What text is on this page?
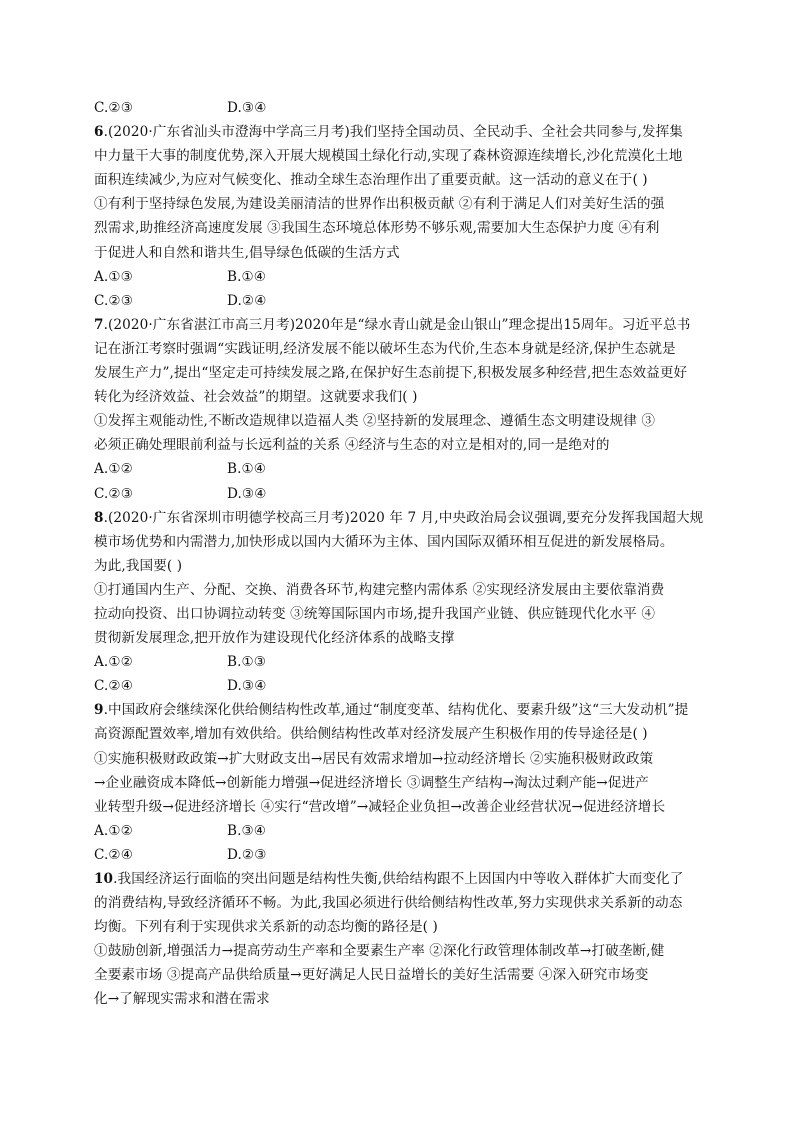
C.②③	D.③④
6.(2020·广东省汕头市澄海中学高三月考)我们坚持全国动员、全民动手、全社会共同参与,发挥集
中力量干大事的制度优势,深入开展大规模国土绿化行动,实现了森林资源连续增长,沙化荒漠化土地
面积连续减少,为应对气候变化、推动全球生态治理作出了重要贡献。这一活动的意义在于( )
①有利于坚持绿色发展,为建设美丽清洁的世界作出积极贡献 ②有利于满足人们对美好生活的强
烈需求,助推经济高速度发展 ③我国生态环境总体形势不够乐观,需要加大生态保护力度 ④有利
于促进人和自然和谐共生,倡导绿色低碳的生活方式
A.①③	B.①④
C.②③	D.②④
7.(2020·广东省湛江市高三月考)2020年是“绿水青山就是金山银山”理念提出15周年。习近平总书
记在浙江考察时强调“实践证明,经济发展不能以破坏生态为代价,生态本身就是经济,保护生态就是
发展生产力”,提出“坚定走可持续发展之路,在保护好生态前提下,积极发展多种经营,把生态效益更好
转化为经济效益、社会效益”的期望。这就要求我们( )
①发挥主观能动性,不断改造规律以造福人类 ②坚持新的发展理念、遵循生态文明建设规律 ③
必须正确处理眼前利益与长远利益的关系 ④经济与生态的对立是相对的,同一是绝对的
A.①②	B.①④
C.②③	D.③④
8.(2020·广东省深圳市明德学校高三月考)2020 年 7 月,中央政治局会议强调,要充分发挥我国超大规
模市场优势和内需潜力,加快形成以国内大循环为主体、国内国际双循环相互促进的新发展格局。
为此,我国要( )
①打通国内生产、分配、交换、消费各环节,构建完整内需体系 ②实现经济发展由主要依靠消费
拉动向投资、出口协调拉动转变 ③统筹国际国内市场,提升我国产业链、供应链现代化水平 ④
贯彻新发展理念,把开放作为建设现代化经济体系的战略支撑
A.①②	B.①③
C.②④	D.③④
9.中国政府会继续深化供给侧结构性改革,通过“制度变革、结构优化、要素升级”这“三大发动机”提
高资源配置效率,增加有效供给。供给侧结构性改革对经济发展产生积极作用的传导途径是( )
①实施积极财政政策→扩大财政支出→居民有效需求增加→拉动经济增长 ②实施积极财政政策
→企业融资成本降低→创新能力增强→促进经济增长 ③调整生产结构→淘汰过剩产能→促进产
业转型升级→促进经济增长 ④实行“营改增”→减轻企业负担→改善企业经营状况→促进经济增长
A.①②	B.③④
C.②④	D.②③
10.我国经济运行面临的突出问题是结构性失衡,供给结构跟不上因国内中等收入群体扩大而变化了
的消费结构,导致经济循环不畅。为此,我国必须进行供给侧结构性改革,努力实现供求关系新的动态
均衡。下列有利于实现供求关系新的动态均衡的路径是( )
①鼓励创新,增强活力→提高劳动生产率和全要素生产率 ②深化行政管理体制改革→打破垄断,健
全要素市场 ③提高产品供给质量→更好满足人民日益增长的美好生活需要 ④深入研究市场变
化→了解现实需求和潜在需求
